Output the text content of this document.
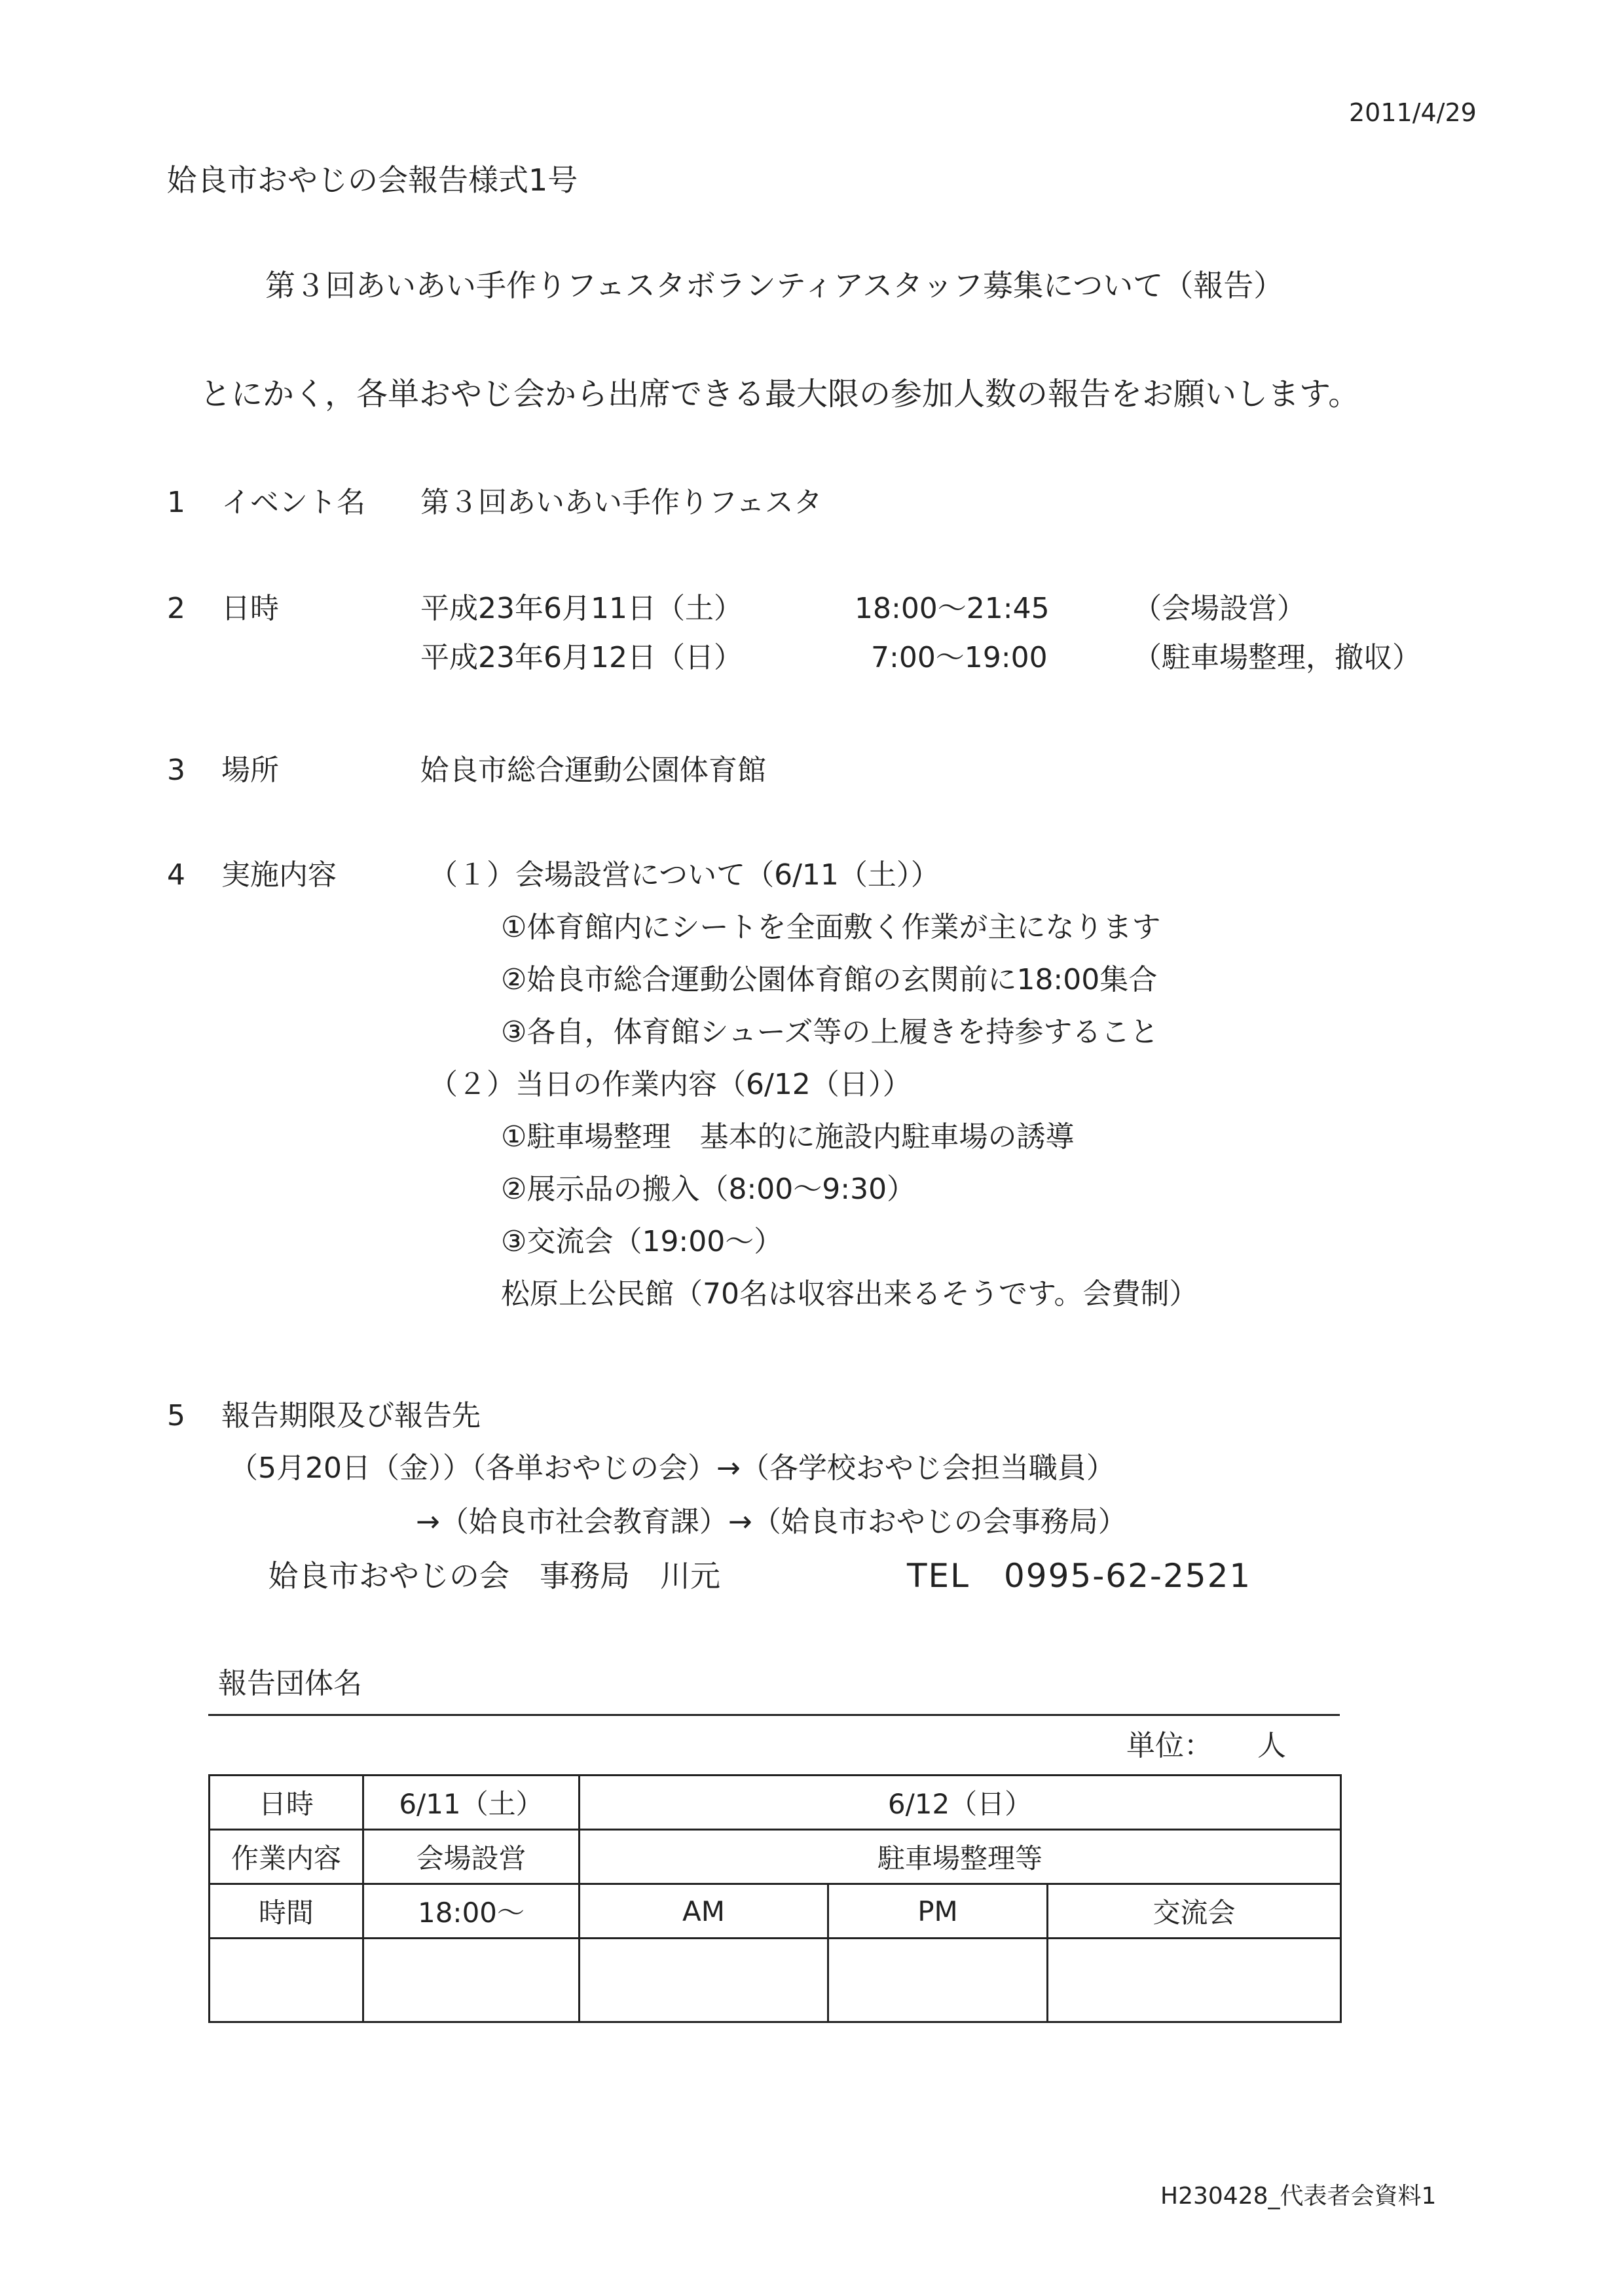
2011/4/29
姶良市おやじの会報告様式1号
第３回あいあい手作りフェスタボランティアスタッフ募集について（報告）
とにかく，各単おやじ会から出席できる最大限の参加人数の報告をお願いします。
1 イベント名 第３回あいあい手作りフェスタ
2 日時	平成23年6月11日（土）	18:00～21:45	（会場設営）
平成23年6月12日（日）	7:00～19:00	（駐車場整理，撤収）
3 場所	姶良市総合運動公園体育館
4 実施内容	（１）会場設営について（6/11（土））
①体育館内にシートを全面敷く作業が主になります
②姶良市総合運動公園体育館の玄関前に18:00集合
③各自，体育館シューズ等の上履きを持参すること
（２）当日の作業内容（6/12（日））
①駐車場整理　基本的に施設内駐車場の誘導
②展示品の搬入（8:00～9:30）
③交流会（19:00～）
松原上公民館（70名は収容出来るそうです。会費制）
5 報告期限及び報告先
（5月20日（金））（各単おやじの会）→（各学校おやじ会担当職員）
→（姶良市社会教育課）→（姶良市おやじの会事務局）
姶良市おやじの会　事務局　川元	TEL　0995-62-2521
報告団体名
単位： 人
日時	6/11（土）	6/12（日）		
作業内容	会場設営	駐車場整理等		
時間	18:00～	AM	PM	交流会

H230428_代表者会資料1
